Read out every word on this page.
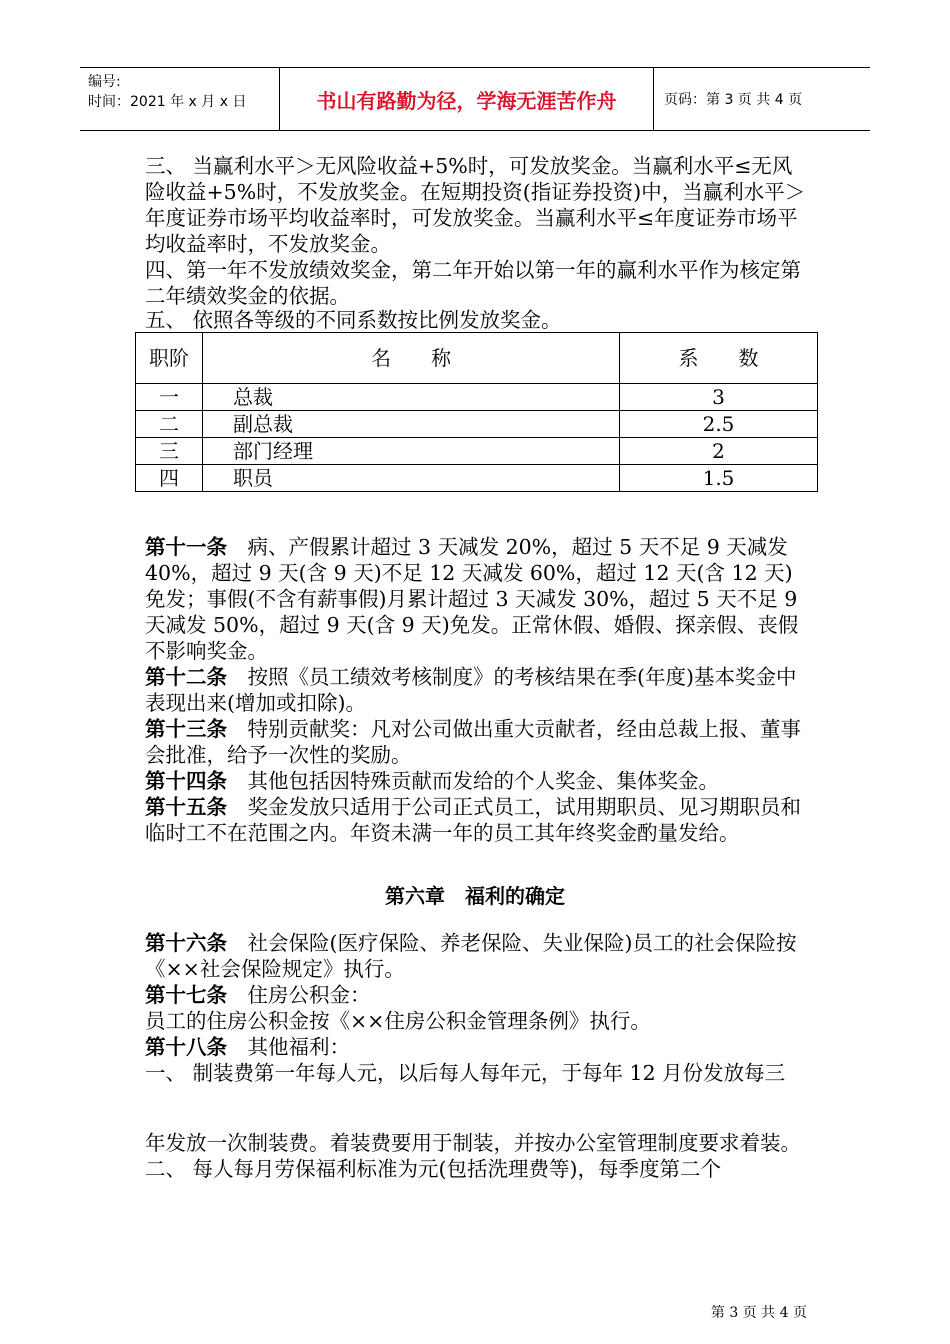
编号:
时间：2021 年 x 月 x 日	书山有路勤为径，学海无涯苦作舟	页码：第 3 页 共 4 页

三、 当赢利水平＞无风险收益+5%时，可发放奖金。当赢利水平≤无风险收益+5%时，不发放奖金。在短期投资(指证券投资)中，当赢利水平＞年度证券市场平均收益率时，可发放奖金。当赢利水平≤年度证券市场平均收益率时，不发放奖金。

四、第一年不发放绩效奖金，第二年开始以第一年的赢利水平作为核定第二年绩效奖金的依据。

五、 依照各等级的不同系数按比例发放奖金。

职阶	名　　称	系　　数
一	总裁	3
二	副总裁	2.5
三	部门经理	2
四	职员	1.5
第十一条　病、产假累计超过 3 天减发 20%，超过 5 天不足 9 天减发 40%，超过 9 天(含 9 天)不足 12 天减发 60%，超过 12 天(含 12 天)免发；事假(不含有薪事假)月累计超过 3 天减发 30%，超过 5 天不足 9 天减发 50%，超过 9 天(含 9 天)免发。正常休假、婚假、探亲假、丧假不影响奖金。
第十二条　按照《员工绩效考核制度》的考核结果在季(年度)基本奖金中表现出来(增加或扣除)。
第十三条　特别贡献奖：凡对公司做出重大贡献者，经由总裁上报、董事会批准，给予一次性的奖励。
第十四条　其他包括因特殊贡献而发给的个人奖金、集体奖金。
第十五条　奖金发放只适用于公司正式员工，试用期职员、见习期职员和临时工不在范围之内。年资未满一年的员工其年终奖金酌量发给。
第六章　福利的确定
第十六条　社会保险(医疗保险、养老保险、失业保险)员工的社会保险按《××社会保险规定》执行。
第十七条　住房公积金：
员工的住房公积金按《××住房公积金管理条例》执行。
第十八条　其他福利：
一、 制装费第一年每人元，以后每人每年元，于每年 12 月份发放每三
年发放一次制装费。着装费要用于制装，并按办公室管理制度要求着装。
二、 每人每月劳保福利标准为元(包括洗理费等)，每季度第二个
第 3 页 共 4 页
